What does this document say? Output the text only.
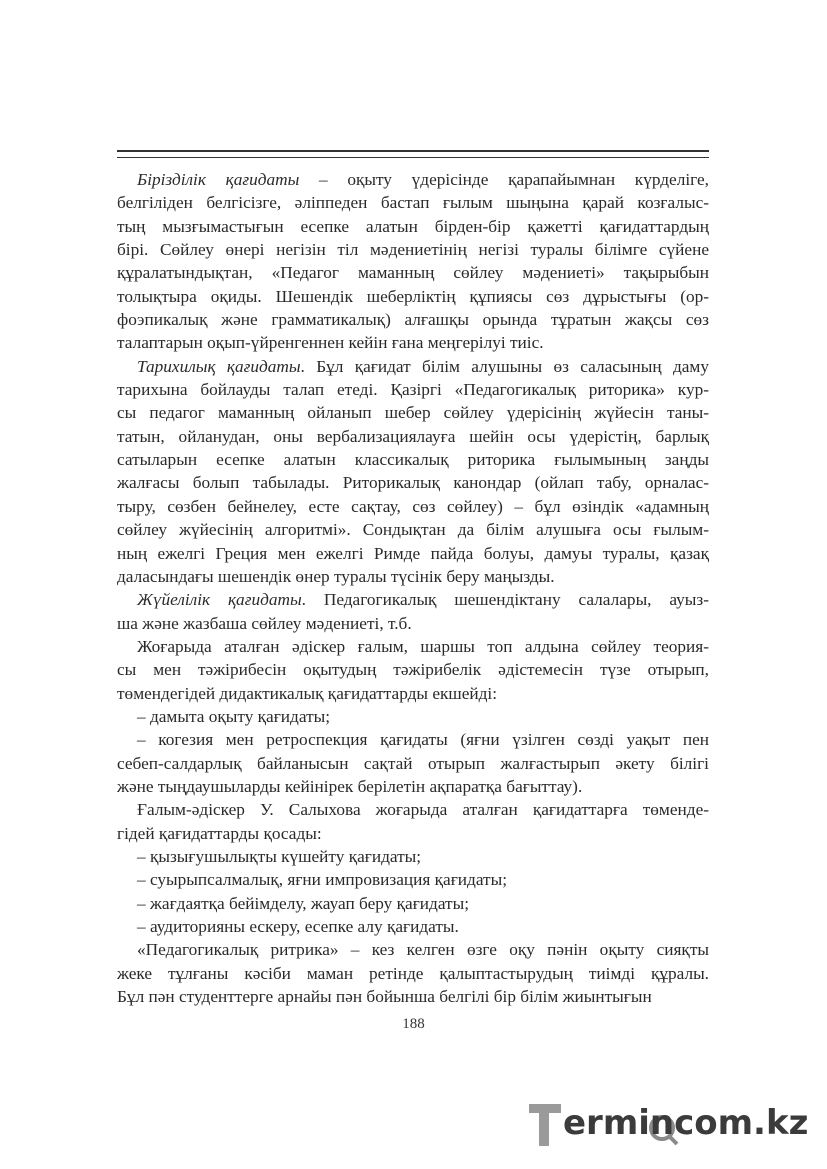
Бірізділік қағидаты – оқыту үдерісінде қарапайымнан күрделіге,
белгіліден белгісізге, әліппеден бастап ғылым шыңына қарай козғалыс-
тың мызғымастығын есепке алатын бірден-бір қажетті қағидаттардың
бірі. Сөйлеу өнері негізін тіл мәдениетінің негізі туралы білімге сүйене
құралатындықтан, «Педагог маманның сөйлеу мәдениеті» тақырыбын
толықтыра оқиды. Шешендік шеберліктің құпиясы сөз дұрыстығы (ор-
фоэпикалық және грамматикалық) алғашқы орында тұратын жақсы сөз
талаптарын оқып-үйренгеннен кейін ғана меңгерілуі тиіс.
Тарихилық қағидаты. Бұл қағидат білім алушыны өз саласының даму
тарихына бойлауды талап етеді. Қазіргі «Педагогикалық риторика» кур-
сы педагог маманның ойланып шебер сөйлеу үдерісінің жүйесін таны-
татын, ойланудан, оны вербализациялауға шейін осы үдерістің, барлық
сатыларын есепке алатын классикалық риторика ғылымының заңды
жалғасы болып табылады. Риторикалық канондар (ойлап табу, орналас-
тыру, сөзбен бейнелеу, есте сақтау, сөз сөйлеу) – бұл өзіндік «адамның
сөйлеу жүйесінің алгоритмі». Сондықтан да білім алушыға осы ғылым-
ның ежелгі Греция мен ежелгі Римде пайда болуы, дамуы туралы, қазақ
даласындағы шешендік өнер туралы түсінік беру маңызды.
Жүйелілік қағидаты. Педагогикалық шешендіктану салалары, ауыз-
ша және жазбаша сөйлеу мәдениеті, т.б.
Жоғарыда аталған әдіскер ғалым, шаршы топ алдына сөйлеу теория-
сы мен тәжірибесін оқытудың тәжірибелік әдістемесін түзе отырып,
төмендегідей дидактикалық қағидаттарды екшейді:
– дамыта оқыту қағидаты;
– когезия мен ретроспекция қағидаты (яғни үзілген сөзді уақыт пен
себеп-салдарлық байланысын сақтай отырып жалғастырып әкету білігі
және тыңдаушыларды кейінірек берілетін ақпаратқа бағыттау).
Ғалым-әдіскер У. Салыхова жоғарыда аталған қағидаттарға төменде-
гідей қағидаттарды қосады:
– қызығушылықты күшейту қағидаты;
– суырыпсалмалық, яғни импровизация қағидаты;
– жағдаятқа бейімделу, жауап беру қағидаты;
– аудиторияны ескеру, есепке алу қағидаты.
«Педагогикалық ритрика» – кез келген өзге оқу пәнін оқыту сияқты
жеке тұлғаны кәсіби маман ретінде қалыптастырудың тиімді құралы.
Бұл пән студенттерге арнайы пән бойынша белгілі бір білім жиынтығын
188
ermincom.kz
